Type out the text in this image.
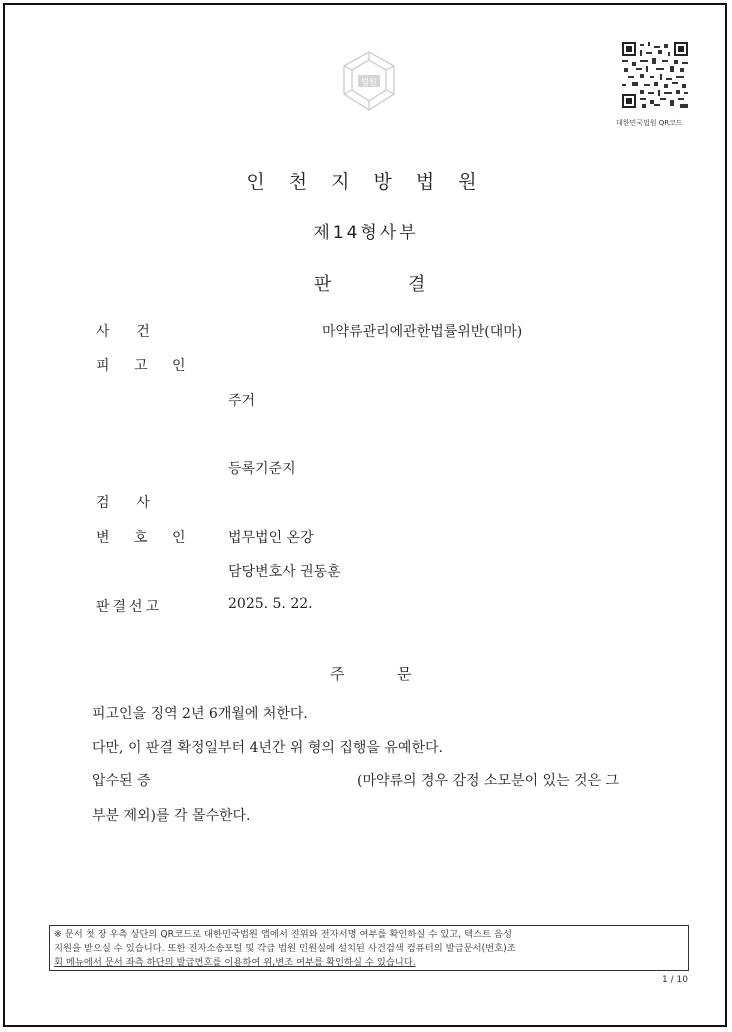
법원
대한민국법원 QR코드
인 천 지 방 법 원
제14형사부
판	결
사      건	마약류관리에관한법률위반(대마)
피 고 인
주거
등록기준지
검      사
변 호 인 법무법인 온강
담당변호사 권동훈
판결선고	2025. 5. 22.
주	문
피고인을 징역 2년 6개월에 처한다.
다만, 이 판결 확정일부터 4년간 위 형의 집행을 유예한다.
압수된 증	(마약류의 경우 감정 소모분이 있는 것은 그
부분 제외)를 각 몰수한다.
※ 문서 첫 장 우측 상단의 QR코드로 대한민국법원 앱에서 진위와 전자서명 여부를 확인하실 수 있고, 텍스트 음성
지원을 받으실 수 있습니다. 또한 진자소송포털 및 각급 법원 민원실에 설치된 사건검색 컴퓨터의 발급문서(번호)조
회 메뉴에서 문서 좌측 하단의 발급번호를 이용하여 위,변조 여부를 확인하실 수 있습니다.
1 / 10
